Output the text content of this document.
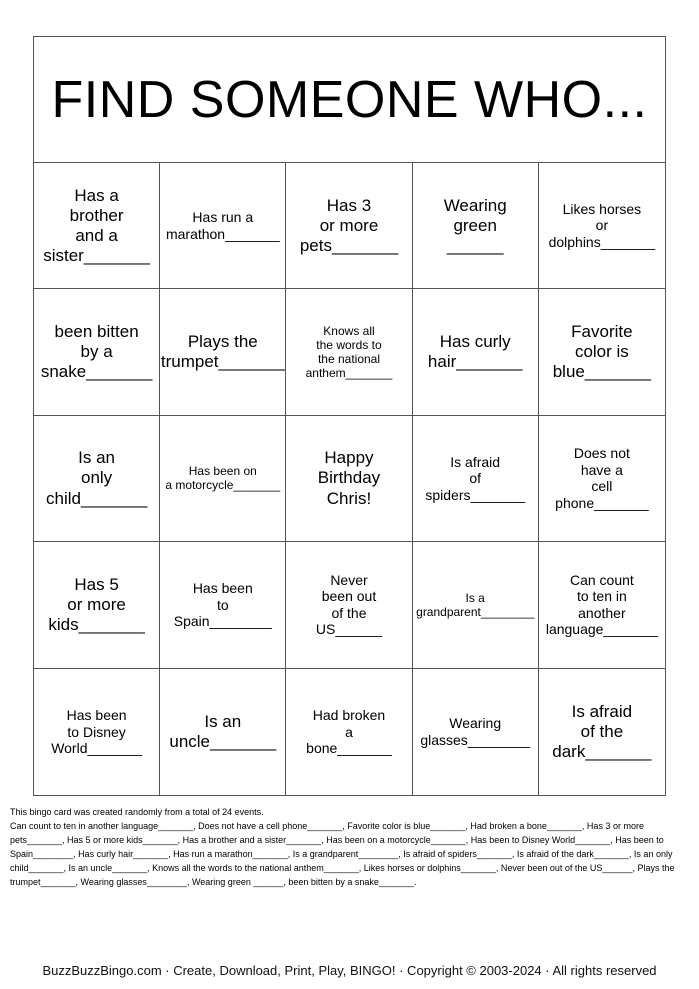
FIND SOMEONE WHO...
Has a
brother
and a
sister_______
Has run a
marathon_______
Has 3
or more
pets_______
Wearing
green
______
Likes horses
or
dolphins_______
been bitten
by a
snake_______
Plays the
trumpet_______
Knows all
the words to
the national
anthem_______
Has curly
hair_______
Favorite
color is
blue_______
Is an
only
child_______
Has been on
a motorcycle_______
Happy
Birthday
Chris!
Is afraid
of
spiders_______
Does not
have a
cell
phone_______
Has 5
or more
kids_______
Has been
to
Spain________
Never
been out
of the
US______
Is a
grandparent________
Can count
to ten in
another
language_______
Has been
to Disney
World_______
Is an
uncle_______
Had broken
a
bone_______
Wearing
glasses________
Is afraid
of the
dark_______

This bingo card was created randomly from a total of 24 events.

Can count to ten in another language_______, Does not have a cell phone_______, Favorite color is blue_______, Had broken a bone_______, Has 3 or more pets_______, Has 5 or more kids_______, Has a brother and a sister_______, Has been on a motorcycle_______, Has been to Disney World_______, Has been to Spain________, Has curly hair_______, Has run a marathon_______, Is a grandparent________, Is afraid of spiders_______, Is afraid of the dark_______, Is an only child_______, Is an uncle_______, Knows all the words to the national anthem_______, Likes horses or dolphins_______, Never been out of the US______, Plays the trumpet_______, Wearing glasses________, Wearing green ______, been bitten by a snake_______.

BuzzBuzzBingo.com · Create, Download, Print, Play, BINGO! · Copyright © 2003-2024 · All rights reserved
